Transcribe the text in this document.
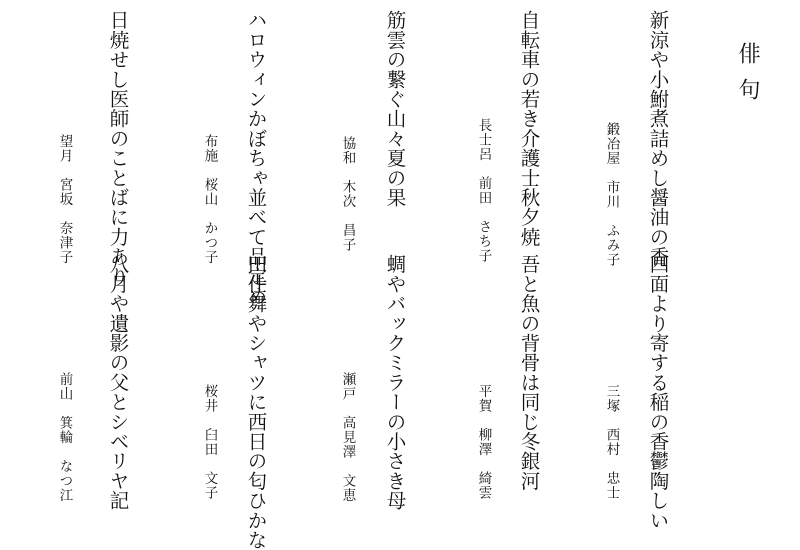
俳句
新涼や小鮒煮詰めし醤油の香
鍛冶屋　市川　ふみ子
四面より寄する稲の香鬱陶しい
三塚　西村　忠士
自転車の若き介護士秋夕焼
長士呂　前田　さち子
吾と魚の背骨は同じ冬銀河
平賀　柳澤　綺雲
筋雲の繋ぐ山々夏の果
協和　木次　昌子
蜩やバックミラーの小さき母
瀬戸　高見澤　文恵
ハロウィンかぼちゃ並べて品定め
布施　桜山　かつ子
田仕舞やシャツに西日の匂ひかな
桜井　臼田　文子
日焼せし医師のことばに力あり
望月　宮坂　奈津子
八月や遺影の父とシベリヤ記
前山　箕輪　なつ江
